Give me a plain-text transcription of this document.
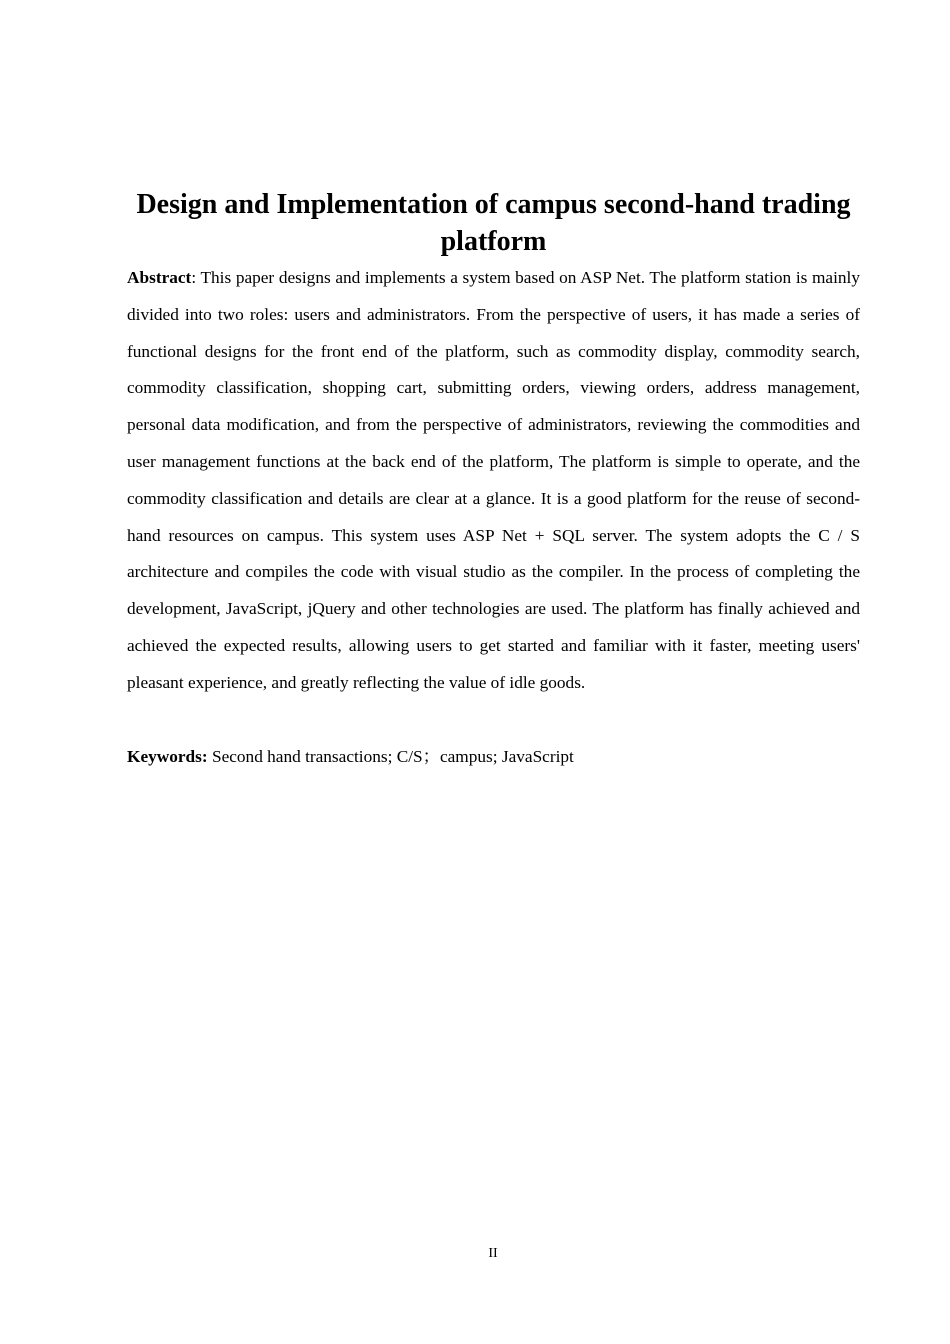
Design and Implementation of campus second-hand trading platform

Abstract: This paper designs and implements a system based on ASP Net. The platform station is mainly divided into two roles: users and administrators. From the perspective of users, it has made a series of functional designs for the front end of the platform, such as commodity display, commodity search, commodity classification, shopping cart, submitting orders, viewing orders, address management, personal data modification, and from the perspective of administrators, reviewing the commodities and user management functions at the back end of the platform, The platform is simple to operate, and the commodity classification and details are clear at a glance. It is a good platform for the reuse of second-hand resources on campus. This system uses ASP Net + SQL server. The system adopts the C / S architecture and compiles the code with visual studio as the compiler. In the process of completing the development, JavaScript, jQuery and other technologies are used. The platform has finally achieved and achieved the expected results, allowing users to get started and familiar with it faster, meeting users' pleasant experience, and greatly reflecting the value of idle goods.

Keywords: Second hand transactions; C/S；campus; JavaScript

II
